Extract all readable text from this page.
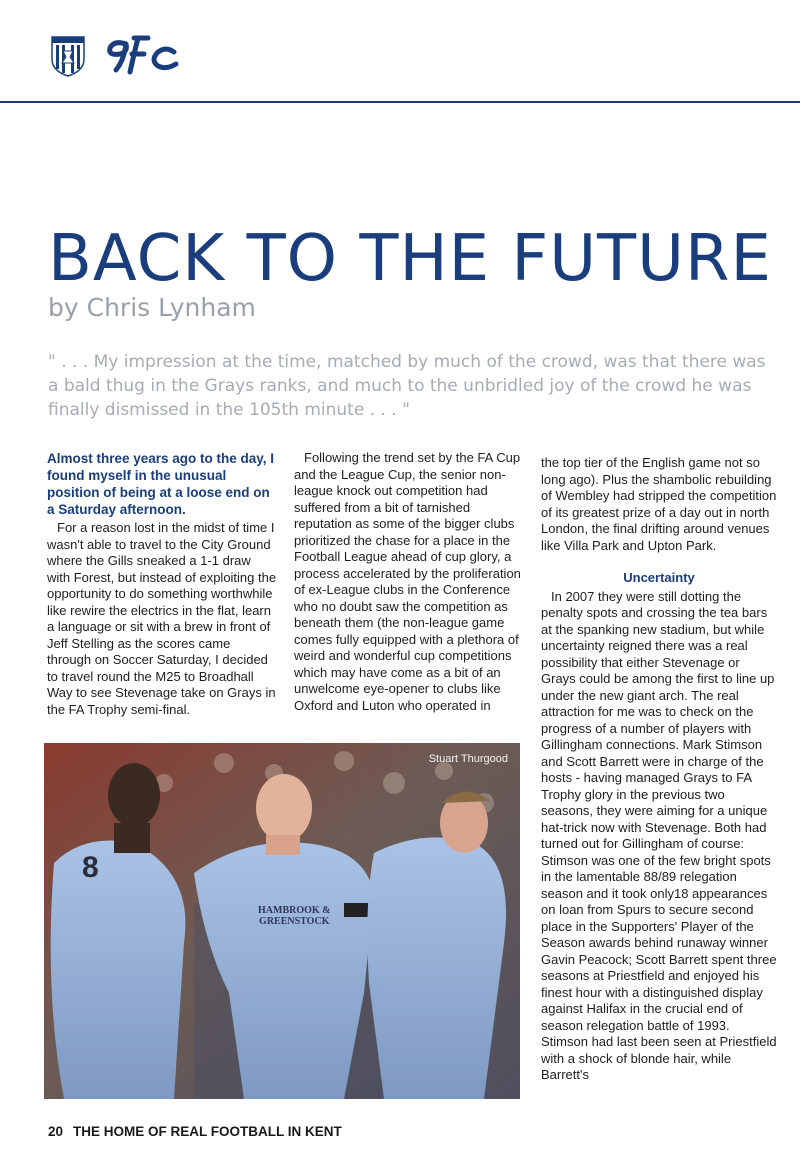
BACK TO THE FUTURE
by Chris Lynham
" . . . My impression at the time, matched by much of the crowd, was that there was a bald thug in the Grays ranks, and much to the unbridled joy of the crowd he was finally dismissed in the 105th minute . . . "

Almost three years ago to the day, I found myself in the unusual position of being at a loose end on a Saturday afternoon.

For a reason lost in the midst of time I wasn't able to travel to the City Ground where the Gills sneaked a 1-1 draw with Forest, but instead of exploiting the opportunity to do something worthwhile like rewire the electrics in the flat, learn a language or sit with a brew in front of Jeff Stelling as the scores came through on Soccer Saturday, I decided to travel round the M25 to Broadhall Way to see Stevenage take on Grays in the FA Trophy semi-final.

Following the trend set by the FA Cup and the League Cup, the senior non-league knock out competition had suffered from a bit of tarnished reputation as some of the bigger clubs prioritized the chase for a place in the Football League ahead of cup glory, a process accelerated by the proliferation of ex-League clubs in the Conference who no doubt saw the competition as beneath them (the non-league game comes fully equipped with a plethora of weird and wonderful cup competitions which may have come as a bit of an unwelcome eye-opener to clubs like Oxford and Luton who operated in

the top tier of the English game not so long ago). Plus the shambolic rebuilding of Wembley had stripped the competition of its greatest prize of a day out in north London, the final drifting around venues like Villa Park and Upton Park.

Uncertainty

In 2007 they were still dotting the penalty spots and crossing the tea bars at the spanking new stadium, but while uncertainty reigned there was a real possibility that either Stevenage or Grays could be among the first to line up under the new giant arch. The real attraction for me was to check on the progress of a number of players with Gillingham connections. Mark Stimson and Scott Barrett were in charge of the hosts - having managed Grays to FA Trophy glory in the previous two seasons, they were aiming for a unique hat-trick now with Stevenage. Both had turned out for Gillingham of course: Stimson was one of the few bright spots in the lamentable 88/89 relegation season and it took only18 appearances on loan from Spurs to secure second place in the Supporters' Player of the Season awards behind runaway winner Gavin Peacock; Scott Barrett spent three seasons at Priestfield and enjoyed his finest hour with a distinguished display against Halifax in the crucial end of season relegation battle of 1993. Stimson had last been seen at Priestfield with a shock of blonde hair, while Barrett's

8
HAMBROOK &
GREENSTOCK
Stuart Thurgood
20 THE HOME OF REAL FOOTBALL IN KENT
